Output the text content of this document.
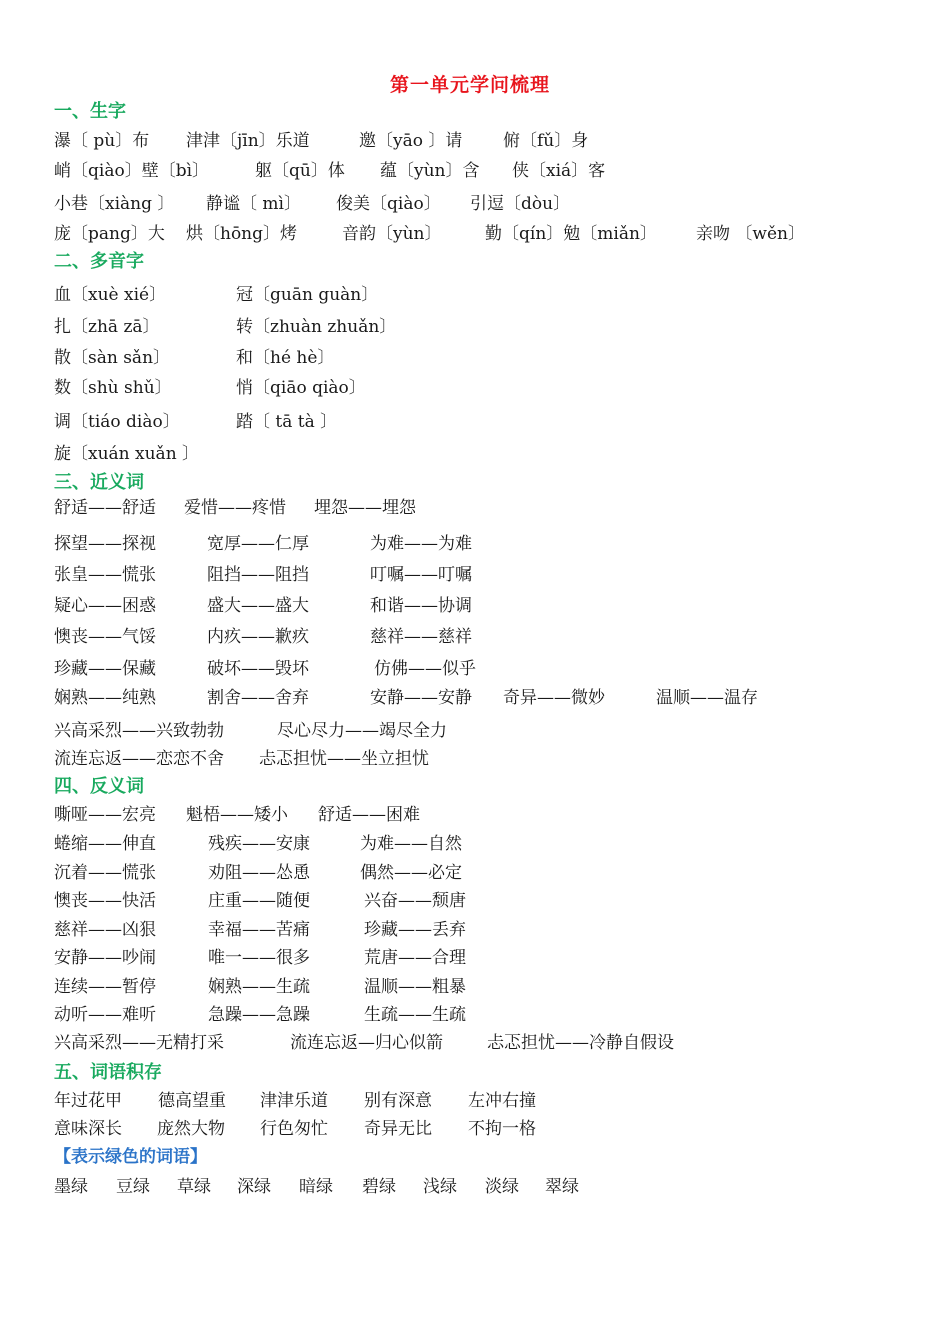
第一单元学问梳理
一、生字
瀑〔 pù〕布 津津〔jīn〕乐道	邀〔yāo 〕请 俯〔fǔ〕身
峭〔qiào〕壁〔bì〕	躯〔qū〕体 蕴〔yùn〕含 侠〔xiá〕客
小巷〔xiàng 〕 静谧〔 mì〕 俊美〔qiào〕 引逗〔dòu〕
庞〔pang〕大 烘〔hōng〕烤	音韵〔yùn〕	勤〔qín〕勉〔miǎn〕 亲吻 〔wěn〕
二、多音字
血〔xuè xié〕	冠〔guān guàn〕
扎〔zhā zā〕	转〔zhuàn zhuǎn〕
散〔sàn sǎn〕	和〔hé hè〕
数〔shù shǔ〕	悄〔qiāo qiào〕
调〔tiáo diào〕	踏〔 tā tà 〕
旋〔xuán xuǎn 〕
三、近义词
舒适——舒适 爱惜——疼惜 埋怨——埋怨
探望——探视	宽厚——仁厚	为难——为难
张皇——慌张	阻挡——阻挡	叮嘱——叮嘱
疑心——困惑	盛大——盛大	和谐——协调
懊丧——气馁	内疚——歉疚	慈祥——慈祥
珍藏——保藏	破坏——毁坏	仿佛——似乎
娴熟——纯熟	割舍——舍弃	安静——安静 奇异——微妙	温顺——温存
兴高采烈——兴致勃勃	尽心尽力——竭尽全力
流连忘返——恋恋不舍 忐忑担忧——坐立担忧
四、反义词
嘶哑——宏亮 魁梧——矮小 舒适——困难
蜷缩——伸直	残疾——安康	为难——自然
沉着——慌张	劝阻——怂恿	偶然——必定
懊丧——快活	庄重——随便	兴奋——颓唐
慈祥——凶狠	幸福——苦痛	珍藏——丢弃
安静——吵闹	唯一——很多	荒唐——合理
连续——暂停	娴熟——生疏	温顺——粗暴
动听——难听	急躁——急躁	生疏——生疏
兴高采烈——无精打采	流连忘返—归心似箭	忐忑担忧——冷静自假设
五、词语积存
年过花甲 德高望重 津津乐道 别有深意 左冲右撞
意味深长 庞然大物 行色匆忙 奇异无比 不拘一格
【表示绿色的词语】
墨绿 豆绿 草绿 深绿 暗绿 碧绿 浅绿 淡绿 翠绿
